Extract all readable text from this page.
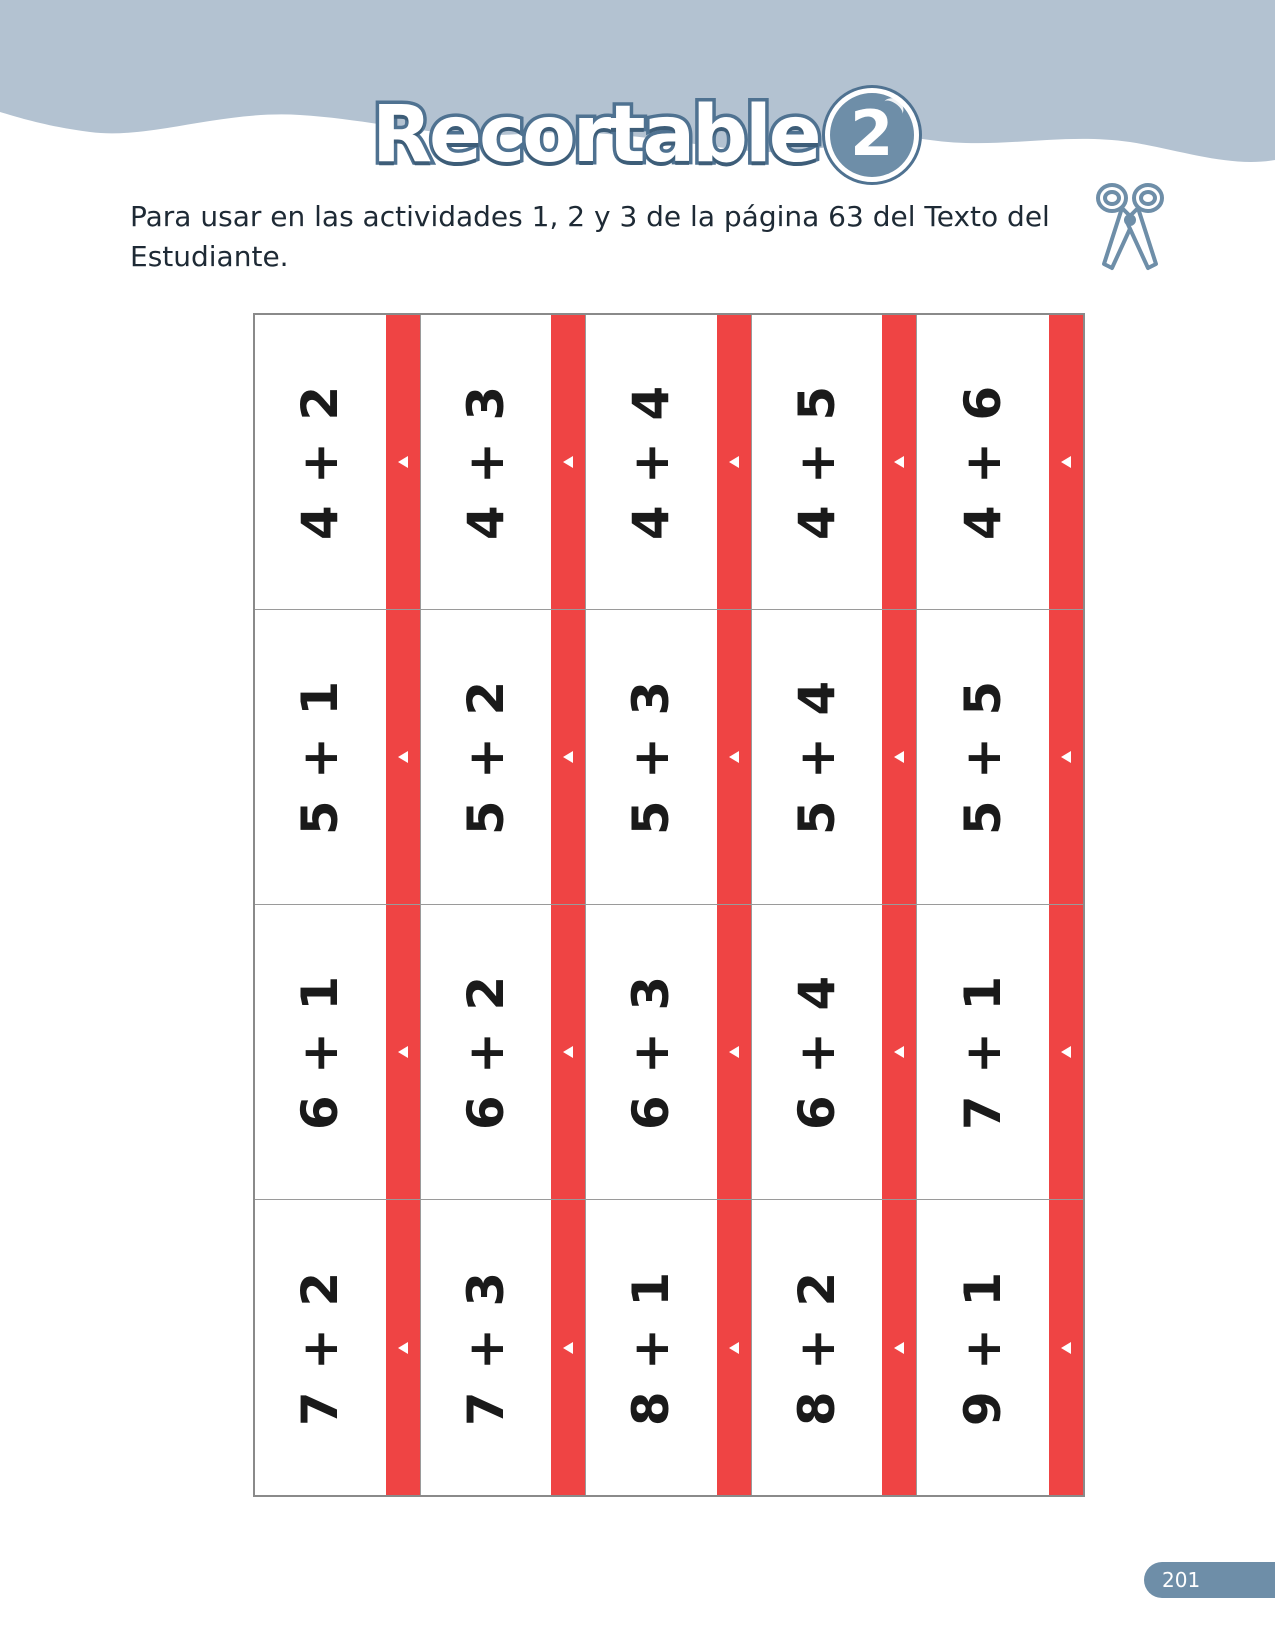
Recortable 2

Para usar en las actividades 1, 2 y 3 de la página 63 del Texto del Estudiante.

4 + 2 4 + 3 4 + 4 4 + 5 4 + 6
5 + 1 5 + 2 5 + 3 5 + 4 5 + 5
6 + 1 6 + 2 6 + 3 6 + 4 7 + 1
7 + 2 7 + 3 8 + 1 8 + 2 9 + 1
201
